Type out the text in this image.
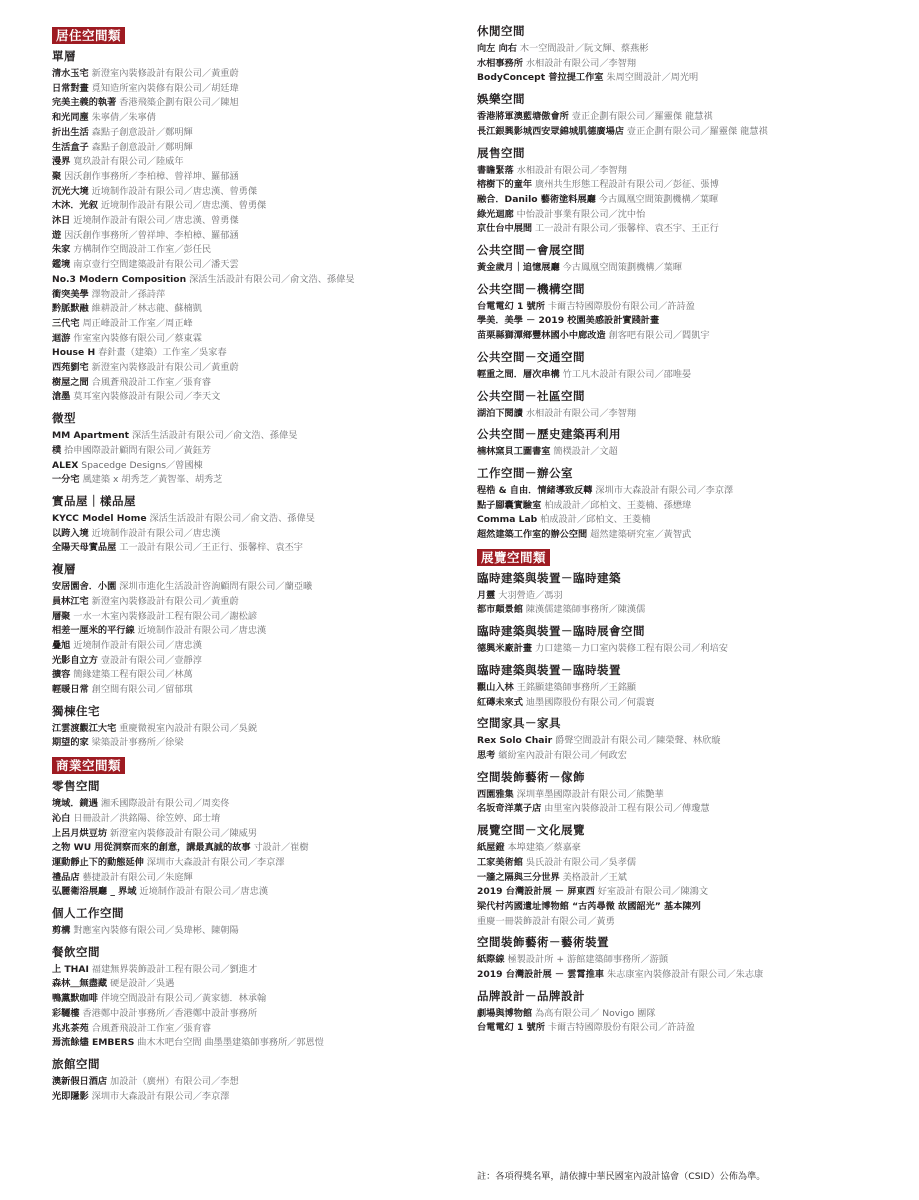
居住空間類
單層
清水玉宅 新澄室內裝修設計有限公司／黃重蔚
日常對畫 覓知造所室內裝修有限公司／胡廷瑋
完美主義的執著 香港飛築企劃有限公司／陳旭
和光同塵 朱寧倩／朱寧倩
折出生活 森點子創意設計／鄭明輝
生活盒子 森點子創意設計／鄭明輝
漫界 寬玖設計有限公司／陸威年
聚 因沃創作事務所／李柏樟、曾祥坤、羅郁涵
沉光大境 近境制作設計有限公司／唐忠漢、曾勇傑
木沐．光叙 近境制作設計有限公司／唐忠漢、曾勇傑
沐日 近境制作設計有限公司／唐忠漢、曾勇傑
遊 因沃創作事務所／曾祥坤、李柏樟、羅郁涵
朱家 方構制作空間設計工作室／彭任民
鑑境 南京壹行空間建築設計有限公司／潘天雲
No.3 Modern Composition 深活生活設計有限公司／俞文浩、孫偉旻
衝突美學 澤物設計／孫詩萍
黔脈默融 維耕設計／林志龍、蘇楠凱
三代宅 周正峰設計工作室／周正峰
迴游 作室室內裝修有限公司／蔡東霖
House H 春針畫（建築）工作室／吳家春
西苑劉宅 新澄室內裝修設計有限公司／黃重蔚
樹屋之間 合風蒼飛設計工作室／張育睿
滄墨 莫耳室內裝修設計有限公司／李天文
微型
MM Apartment 深活生活設計有限公司／俞文浩、孫偉旻
樸 拾申國際設計顧問有限公司／黃鈺芳
ALEX Spacedge Designs／曾國棟
一分宅 風建築 x 胡秀芝／黃智峯、胡秀芝
實品屋｜樣品屋
KYCC Model Home 深活生活設計有限公司／俞文浩、孫偉旻
以跨入境 近境制作設計有限公司／唐忠漢
全陽天母實品屋 工一設計有限公司／王正行、張馨梓、袁丕宇
複層
安居園舍．小園 深圳市進化生活設計咨詢顧問有限公司／蘭亞曦
員林江宅 新澄室內裝修設計有限公司／黃重蔚
層聚 一水一木室內裝修設計工程有限公司／謝松諺
相差一厘米的平行線 近境制作設計有限公司／唐忠漢
疊旭 近境制作設計有限公司／唐忠漢
光影自立方 壹設計有限公司／壹靜淳
擴容 簡緣建築工程有限公司／林萬
輕暖日常 創空間有限公司／留郁琪
獨棟住宅
江雲渡觀江大宅 重慶微視室內設計有限公司／吳鋭
期望的家 梁築設計事務所／徐梁
商業空間類
零售空間
境域．鏡遇 湘禾國際設計有限公司／周奕佟
沁白 日冊設計／洪銘陽、徐笠婷、邱士堉
上呂月烘豆坊 新澄室內裝修設計有限公司／陳威男
之物 WU 用從洞察而來的創意，講最真誠的故事 寸設計／崔樹
運動靜止下的動態延伸 深圳市大森設計有限公司／李京澤
禮品店 藝捷設計有限公司／朱庭輝
弘麗衛浴展廳 _ 界域 近境制作設計有限公司／唐忠漢
個人工作空間
剪構 對應室內裝修有限公司／吳瑋彬、陳朝陽
餐飲空間
上 THAI 福建無界裝飾設計工程有限公司／劉進才
森林＿無盡藏 硬是設計／吳遇
鴨黨默咖啡 伴境空間設計有限公司／黃家德．林承翰
彩韆樓 香港鄭中設計事務所／香港鄭中設計事務所
兆兆茶苑 合風蒼飛設計工作室／張育睿
焉流餘燼 EMBERS 曲木木吧台空間 曲墨墨建築師事務所／郭恩愷
旅館空間
澳新假日酒店 加設計（廣州）有限公司／李想
光即隱影 深圳市大森設計有限公司／李京澤
休閒空間
向左 向右 木一空間設計／阮文輝、蔡燕彬
水相事務所 水相設計有限公司／李智翔
BodyConcept 普拉提工作室 朱周空間設計／周光明
娛樂空間
香港將軍澳藍塘傲會所 壹正企劃有限公司／羅靈傑 龍慧祺
長江銀興影城西安眾錦城肌德廣場店 壹正企劃有限公司／羅靈傑 龍慧祺
展售空間
書瞻緊落 水相設計有限公司／李智翔
榕樹下的童年 廣州共生形態工程設計有限公司／彭征、張博
融合．Danilo 藝術塗料展廳 今古鳳凰空間策劃機構／葉暉
綠光迴廊 中怡設計事業有限公司／沈中怡
京仕台中展間 工一設計有限公司／張馨梓、袁丕宇、王正行
公共空間－會展空間
黃金歲月｜追憶展廳 今古鳳凰空間策劃機構／葉暉
公共空間－機構空間
台電電幻 1 號所 卡爾吉特國際股份有限公司／許詩盈
學美．美學 － 2019 校園美感設計實踐計畫
苗栗縣獅潭鄉豐林國小中廊改造 創客吧有限公司／閻凱宇
公共空間－交通空間
輕重之間．層次串構 竹工凡木設計有限公司／邵唯晏
公共空間－社區空間
湖泊下閱讀 水相設計有限公司／李智翔
公共空間－歷史建築再利用
楠林窯貝工圖書室 簡樸設計／文超
工作空間－辦公室
程梏 & 自由．情緒導致反轉 深圳市大森設計有限公司／李京澤
點子腳囊實驗室 柏成設計／邱柏文、王菱楠、孫懋瑋
Comma Lab 柏成設計／邱柏文、王菱楠
超然建築工作室的辦公空間 超然建築研究室／黃智武
展覽空間類
臨時建築與裝置－臨時建築
月靈 大羽營造／馮羽
都市顛景館 陳漢儒建築師事務所／陳漢儒
臨時建築與裝置－臨時展會空間
德興米廠計畫 力口建築－力口室內裝修工程有限公司／利培安
臨時建築與裝置－臨時裝置
觀山入林 王銘顯建築師事務所／王銘顯
紅磚未來式 迪墨國際股份有限公司／何震寰
空間家具－家具
Rex Solo Chair 爵聲空間設計有限公司／陳榮聲、林欣璇
思考 繽紛室內設計有限公司／何政宏
空間裝飾藝術－傢飾
西園雅集 深圳華墨國際設計有限公司／熊艷華
名坂奇洋菓子店 由里室內裝修設計工程有限公司／傅瓊慧
展覽空間－文化展覽
紙屋鐙 本埠建築／蔡嘉豪
工家美術館 吳氏設計有限公司／吳孝儒
一牆之隔與三分世界 美格設計／王斌
2019 台灣設計展 － 屏東西 好室設計有限公司／陳鴻文
梁代村芮國遺址博物館 “古芮尋微 故國韶光” 基本陳列
重慶一冊裝飾設計有限公司／黃勇
空間裝飾藝術－藝術裝置
紙際線 極製設計所 + 游館建築師事務所／游顗
2019 台灣設計展 － 雲霄推車 朱志康室內裝修設計有限公司／朱志康
品牌設計－品牌設計
劇場與博物館 為高有限公司／ Novigo 團隊
台電電幻 1 號所 卡爾吉特國際股份有限公司／許詩盈
註：各項得獎名單，請依據中華民國室內設計協會（CSID）公佈為準。
